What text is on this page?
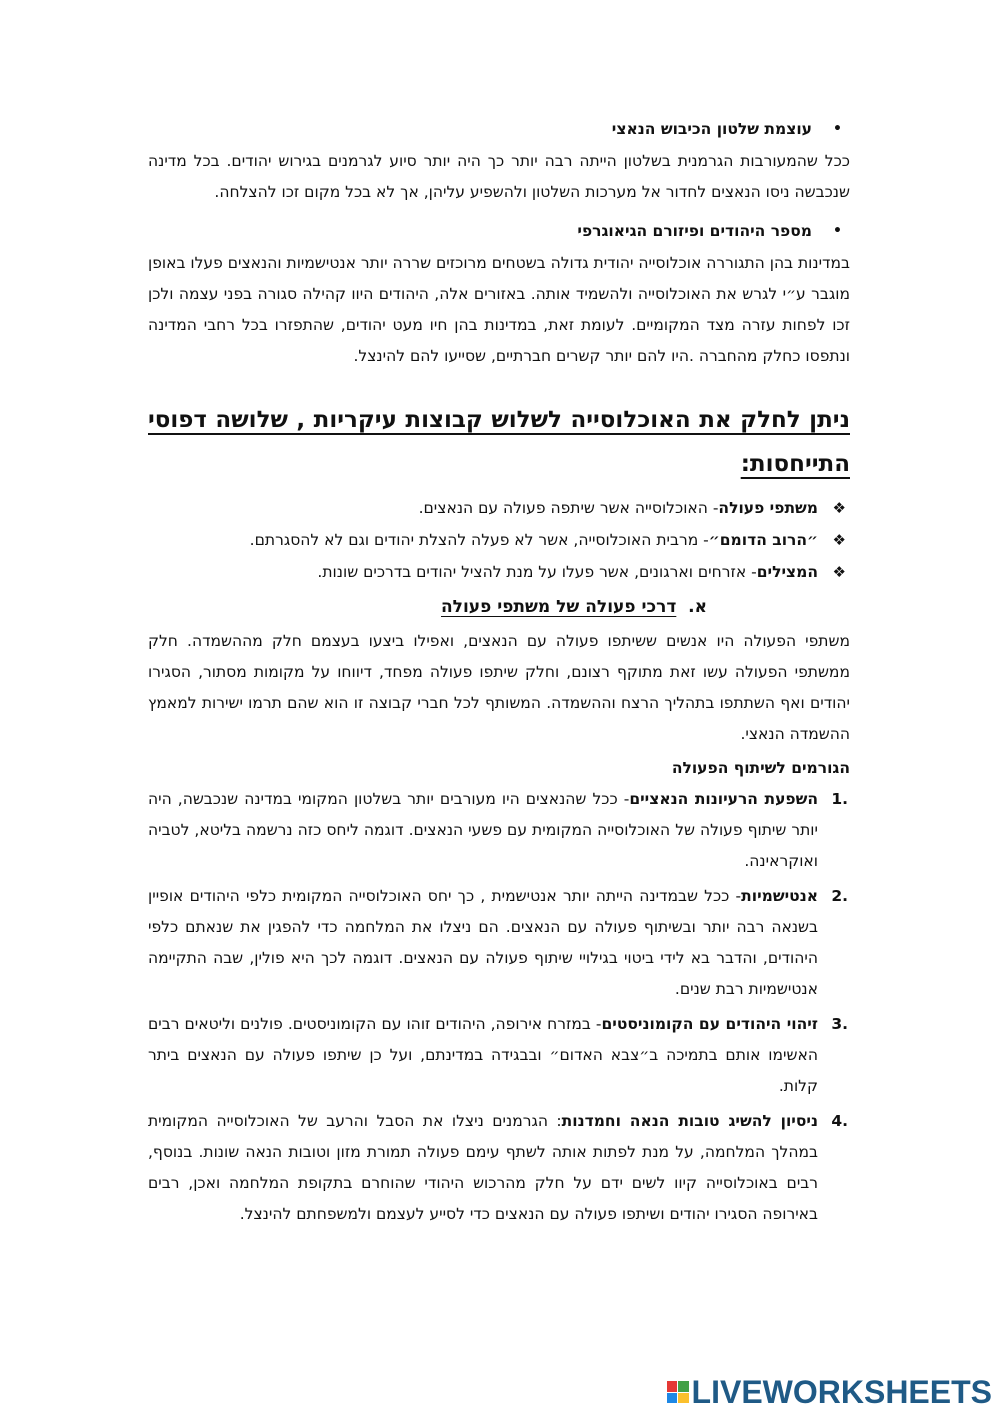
•
עוצמת שלטון הכיבוש הנאצי

ככל שהמעורבות הגרמנית בשלטון הייתה רבה יותר כך היה יותר סיוע לגרמנים בגירוש יהודים. בכל מדינה שנכבשה ניסו הנאצים לחדור אל מערכות השלטון ולהשפיע עליהן, אך לא בכל מקום זכו להצלחה.

•
מספר היהודים ופיזורם הגיאוגרפי

במדינות בהן התגוררה אוכלוסייה יהודית גדולה בשטחים מרוכזים שררה יותר אנטישמיות והנאצים פעלו באופן מוגבר ע״י לגרש את האוכלוסייה ולהשמיד אותה. באזורים אלה, היהודים היוו קהילה סגורה בפני עצמה ולכן זכו לפחות עזרה מצד המקומיים. לעומת זאת, במדינות בהן חיו מעט יהודים, שהתפזרו בכל רחבי המדינה ונתפסו כחלק מהחברה .היו להם יותר קשרים חברתיים, שסייעו להם להינצל.

ניתן לחלק את האוכלוסייה לשלוש קבוצות עיקריות , שלושה דפוסי התייחסות:
❖
משתפי פעולה- האוכלוסייה אשר שיתפה פעולה עם הנאצים.
❖
״הרוב הדומם״- מרבית האוכלוסייה, אשר לא פעלה להצלת יהודים וגם לא להסגרתם.
❖
המצילים- אזרחים וארגונים, אשר פעלו על מנת להציל יהודים בדרכים שונות.
א.  דרכי פעולה של משתפי פעולה

משתפי הפעולה היו אנשים ששיתפו פעולה עם הנאצים, ואפילו ביצעו בעצמם חלק מההשמדה. חלק ממשתפי הפעולה עשו זאת מתוקף רצונם, וחלק שיתפו פעולה מפחד, דיווחו על מקומות מסתור, הסגירו יהודים ואף השתתפו בתהליך הרצח וההשמדה. המשותף לכל חברי קבוצה זו הוא שהם תרמו ישירות למאמץ ההשמדה הנאצי.

הגורמים לשיתוף הפעולה
.1
השפעת הרעיונות הנאציים- ככל שהנאצים היו מעורבים יותר בשלטון המקומי במדינה שנכבשה, היה יותר שיתוף פעולה של האוכלוסייה המקומית עם פשעי הנאצים. דוגמה ליחס כזה נרשמה בליטא, לטביה ואוקראינה.
.2
אנטישמיות- ככל שבמדינה הייתה יותר אנטישמית , כך יחס האוכלוסייה המקומית כלפי היהודים אופיין בשנאה רבה יותר ובשיתוף פעולה עם הנאצים. הם ניצלו את המלחמה כדי להפגין את שנאתם כלפי היהודים, והדבר בא לידי ביטוי בגילויי שיתוף פעולה עם הנאצים. דוגמה לכך היא פולין, שבה התקיימה אנטישמיות רבת שנים.
.3
זיהוי היהודים עם הקומוניסטים- במזרח אירופה, היהודים זוהו עם הקומוניסטים. פולנים וליטאים רבים האשימו אותם בתמיכה ב״צבא האדום״ ובבגידה במדינתם, ועל כן שיתפו פעולה עם הנאצים ביתר קלות.
.4
ניסיון להשיג טובות הנאה וחמדנות: הגרמנים ניצלו את הסבל והרעב של האוכלוסייה המקומית במהלך המלחמה, על מנת לפתות אותה לשתף עימם פעולה תמורת מזון וטובות הנאה שונות. בנוסף, רבים באוכלוסייה קיוו לשים ידם על חלק מהרכוש היהודי שהוחרם בתקופת המלחמה ואכן, רבים באירופה הסגירו יהודים ושיתפו פעולה עם הנאצים כדי לסייע לעצמם ולמשפחתם להינצל.
LIVEWORKSHEETS
